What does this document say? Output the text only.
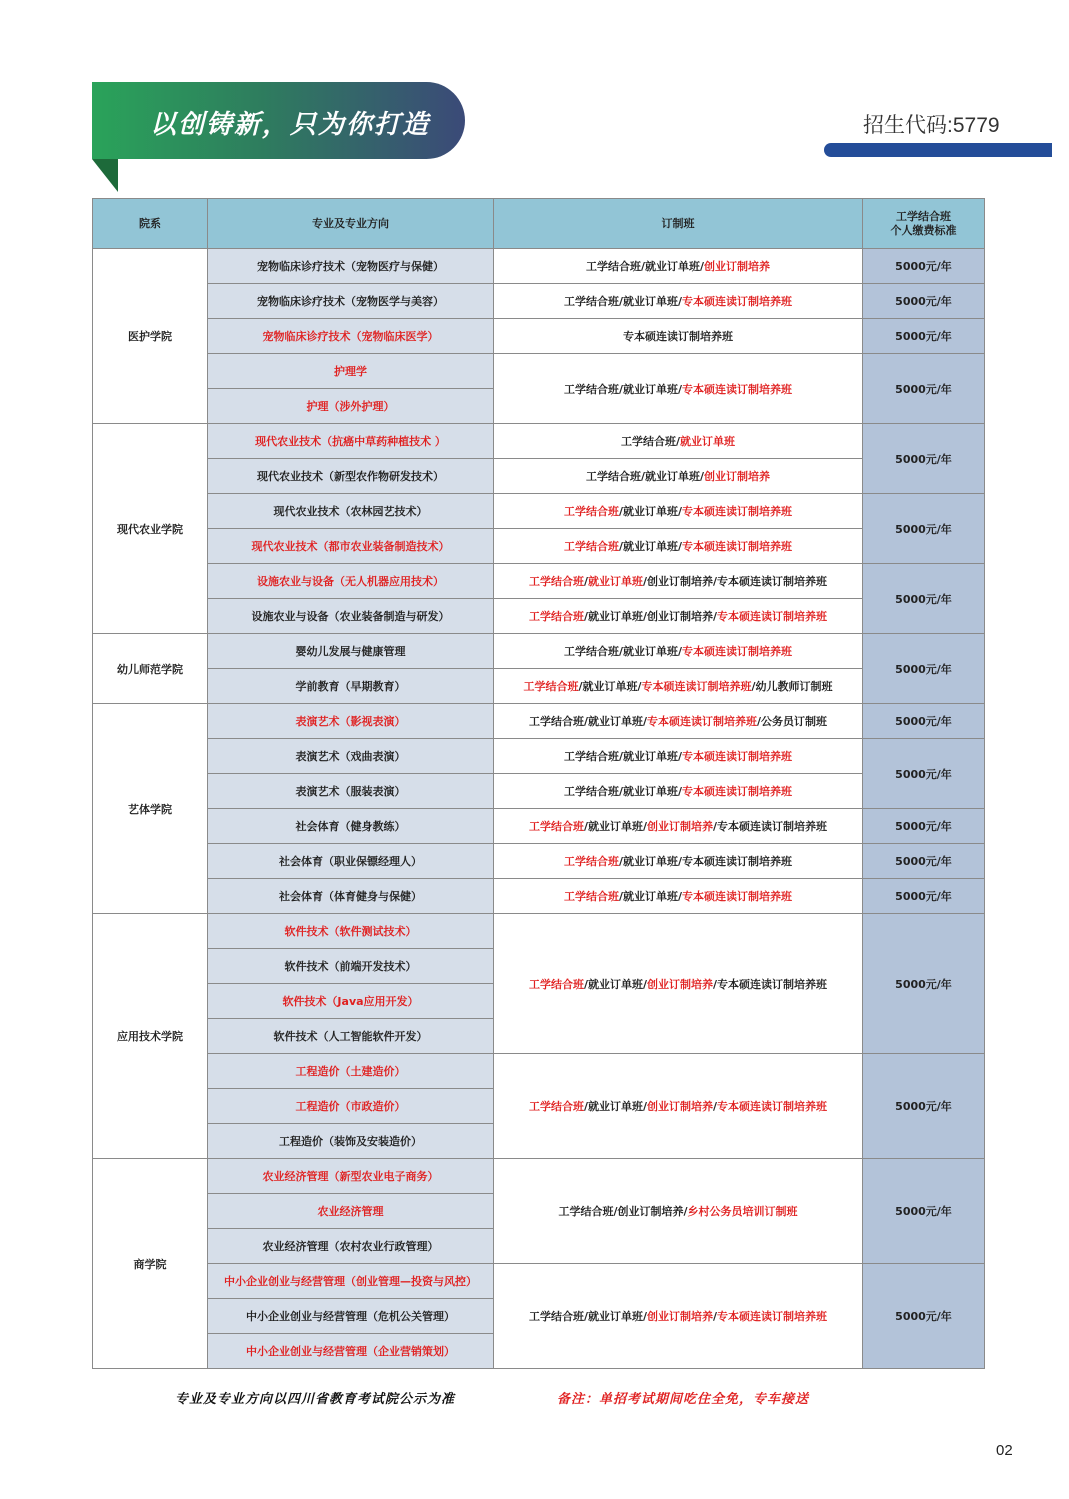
以创铸新，只为你打造	招生代码:5779
院系	专业及专业方向	订制班	工学结合班
个人缴费标准
医护学院	宠物临床诊疗技术（宠物医疗与保健）	工学结合班/就业订单班/创业订制培养	5000元/年
	宠物临床诊疗技术（宠物医学与美容）	工学结合班/就业订单班/专本硕连读订制培养班	5000元/年
	宠物临床诊疗技术（宠物临床医学）	专本硕连读订制培养班	5000元/年
	护理学	工学结合班/就业订单班/专本硕连读订制培养班	5000元/年
	护理（涉外护理）		
现代农业学院	现代农业技术（抗癌中草药种植技术 ）	工学结合班/就业订单班	5000元/年
	现代农业技术（新型农作物研发技术）	工学结合班/就业订单班/创业订制培养	
	现代农业技术（农林园艺技术）	工学结合班/就业订单班/专本硕连读订制培养班	5000元/年
	现代农业技术（都市农业装备制造技术）	工学结合班/就业订单班/专本硕连读订制培养班	
	设施农业与设备（无人机器应用技术）	工学结合班/就业订单班/创业订制培养/专本硕连读订制培养班	5000元/年
	设施农业与设备（农业装备制造与研发）	工学结合班/就业订单班/创业订制培养/专本硕连读订制培养班	
幼儿师范学院	婴幼儿发展与健康管理	工学结合班/就业订单班/专本硕连读订制培养班	5000元/年
	学前教育（早期教育）	工学结合班/就业订单班/专本硕连读订制培养班/幼儿教师订制班	
艺体学院	表演艺术（影视表演）	工学结合班/就业订单班/专本硕连读订制培养班/公务员订制班	5000元/年
	表演艺术（戏曲表演）	工学结合班/就业订单班/专本硕连读订制培养班	5000元/年
	表演艺术（服装表演）	工学结合班/就业订单班/专本硕连读订制培养班	
	社会体育（健身教练）	工学结合班/就业订单班/创业订制培养/专本硕连读订制培养班	5000元/年
	社会体育（职业保镖经理人）	工学结合班/就业订单班/专本硕连读订制培养班	5000元/年
	社会体育（体育健身与保健）	工学结合班/就业订单班/专本硕连读订制培养班	5000元/年
应用技术学院	软件技术（软件测试技术）	工学结合班/就业订单班/创业订制培养/专本硕连读订制培养班	5000元/年
	软件技术（前端开发技术）		
	软件技术（Java应用开发）		
	软件技术（人工智能软件开发）		
	工程造价（土建造价）	工学结合班/就业订单班/创业订制培养/专本硕连读订制培养班	5000元/年
	工程造价（市政造价）		
	工程造价（装饰及安装造价）		
商学院	农业经济管理（新型农业电子商务）	工学结合班/创业订制培养/乡村公务员培训订制班	5000元/年
	农业经济管理		
	农业经济管理（农村农业行政管理）		
	中小企业创业与经营管理（创业管理—投资与风控）	工学结合班/就业订单班/创业订制培养/专本硕连读订制培养班	5000元/年
	中小企业创业与经营管理（危机公关管理）		
	中小企业创业与经营管理（企业营销策划）		
专业及专业方向以四川省教育考试院公示为准	备注：单招考试期间吃住全免，专车接送
02
